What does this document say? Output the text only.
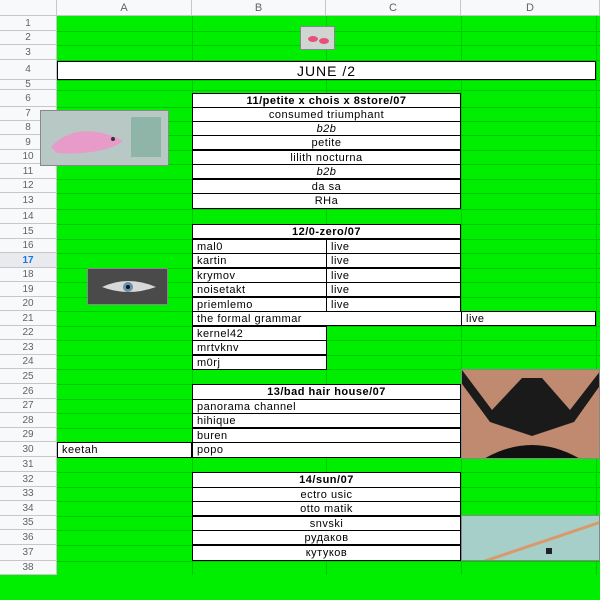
A	B	C	D
1
2
3
4
5
6
7
8
9
10
11
12
13
14
15
16
17
18
19
20
21
22
23
24
25
26
27
28
29
30
31
32
33
34
35
36
37
38
JUNE /2
11/petite x chois x 8store/07
consumed triumphant
b2b
petite
lilith nocturna
b2b
da sa
RHa
12/0-zero/07
mal0	live
kartin	live
krymov	live
noisetakt	live
priemlemo	live
the formal grammar	live
kernel42
mrtvknv
m0rj
13/bad hair house/07
panorama channel
hihique
buren
keetah	popo
14/sun/07
ectro usic
otto matik
snvski
рудаков
кутуков
